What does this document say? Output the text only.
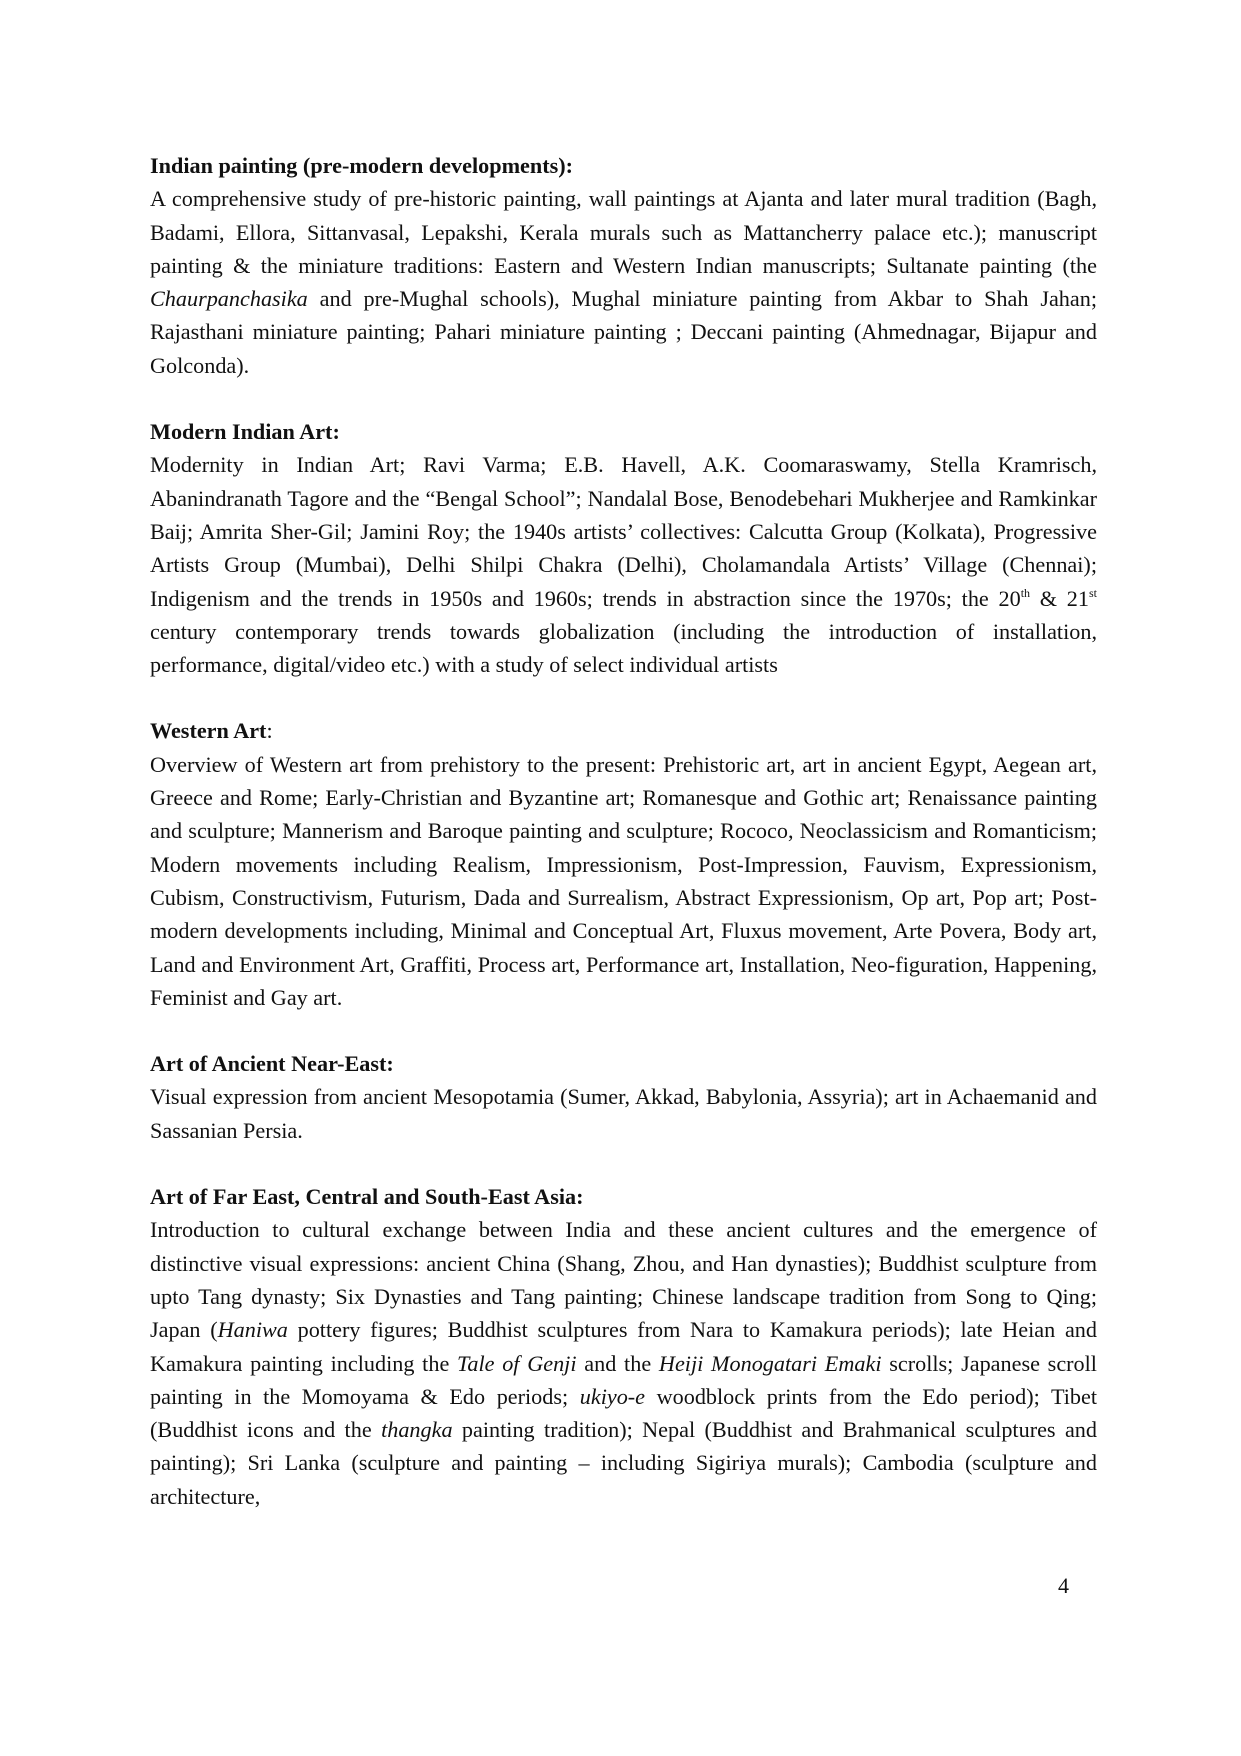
Indian painting (pre-modern developments):
A comprehensive study of pre-historic painting, wall paintings at Ajanta and later mural tradition (Bagh, Badami, Ellora, Sittanvasal, Lepakshi, Kerala murals such as Mattancherry palace etc.); manuscript painting & the miniature traditions: Eastern and Western Indian manuscripts; Sultanate painting (the Chaurpanchasika and pre-Mughal schools), Mughal miniature painting from Akbar to Shah Jahan; Rajasthani miniature painting; Pahari miniature painting ; Deccani painting (Ahmednagar, Bijapur and Golconda).
Modern Indian Art:
Modernity in Indian Art; Ravi Varma; E.B. Havell, A.K. Coomaraswamy, Stella Kramrisch, Abanindranath Tagore and the “Bengal School”; Nandalal Bose, Benodebehari Mukherjee and Ramkinkar Baij; Amrita Sher-Gil; Jamini Roy; the 1940s artists’ collectives: Calcutta Group (Kolkata), Progressive Artists Group (Mumbai), Delhi Shilpi Chakra (Delhi), Cholamandala Artists’ Village (Chennai); Indigenism and the trends in 1950s and 1960s; trends in abstraction since the 1970s; the 20th & 21st century contemporary trends towards globalization (including the introduction of installation, performance, digital/video etc.) with a study of select individual artists
Western Art:
Overview of Western art from prehistory to the present: Prehistoric art, art in ancient Egypt, Aegean art, Greece and Rome; Early-Christian and Byzantine art; Romanesque and Gothic art; Renaissance painting and sculpture; Mannerism and Baroque painting and sculpture; Rococo, Neoclassicism and Romanticism; Modern movements including Realism, Impressionism, Post-Impression, Fauvism, Expressionism, Cubism, Constructivism, Futurism, Dada and Surrealism, Abstract Expressionism, Op art, Pop art; Post-modern developments including, Minimal and Conceptual Art, Fluxus movement, Arte Povera, Body art, Land and Environment Art, Graffiti, Process art, Performance art, Installation, Neo-figuration, Happening, Feminist and Gay art.
Art of Ancient Near-East:
Visual expression from ancient Mesopotamia (Sumer, Akkad, Babylonia, Assyria); art in Achaemanid and Sassanian Persia.
Art of Far East, Central and South-East Asia:
Introduction to cultural exchange between India and these ancient cultures and the emergence of distinctive visual expressions: ancient China (Shang, Zhou, and Han dynasties); Buddhist sculpture from upto Tang dynasty; Six Dynasties and Tang painting; Chinese landscape tradition from Song to Qing; Japan (Haniwa pottery figures; Buddhist sculptures from Nara to Kamakura periods); late Heian and Kamakura painting including the Tale of Genji and the Heiji Monogatari Emaki scrolls; Japanese scroll painting in the Momoyama & Edo periods; ukiyo-e woodblock prints from the Edo period); Tibet (Buddhist icons and the thangka painting tradition); Nepal (Buddhist and Brahmanical sculptures and painting); Sri Lanka (sculpture and painting – including Sigiriya murals); Cambodia (sculpture and architecture,
4
